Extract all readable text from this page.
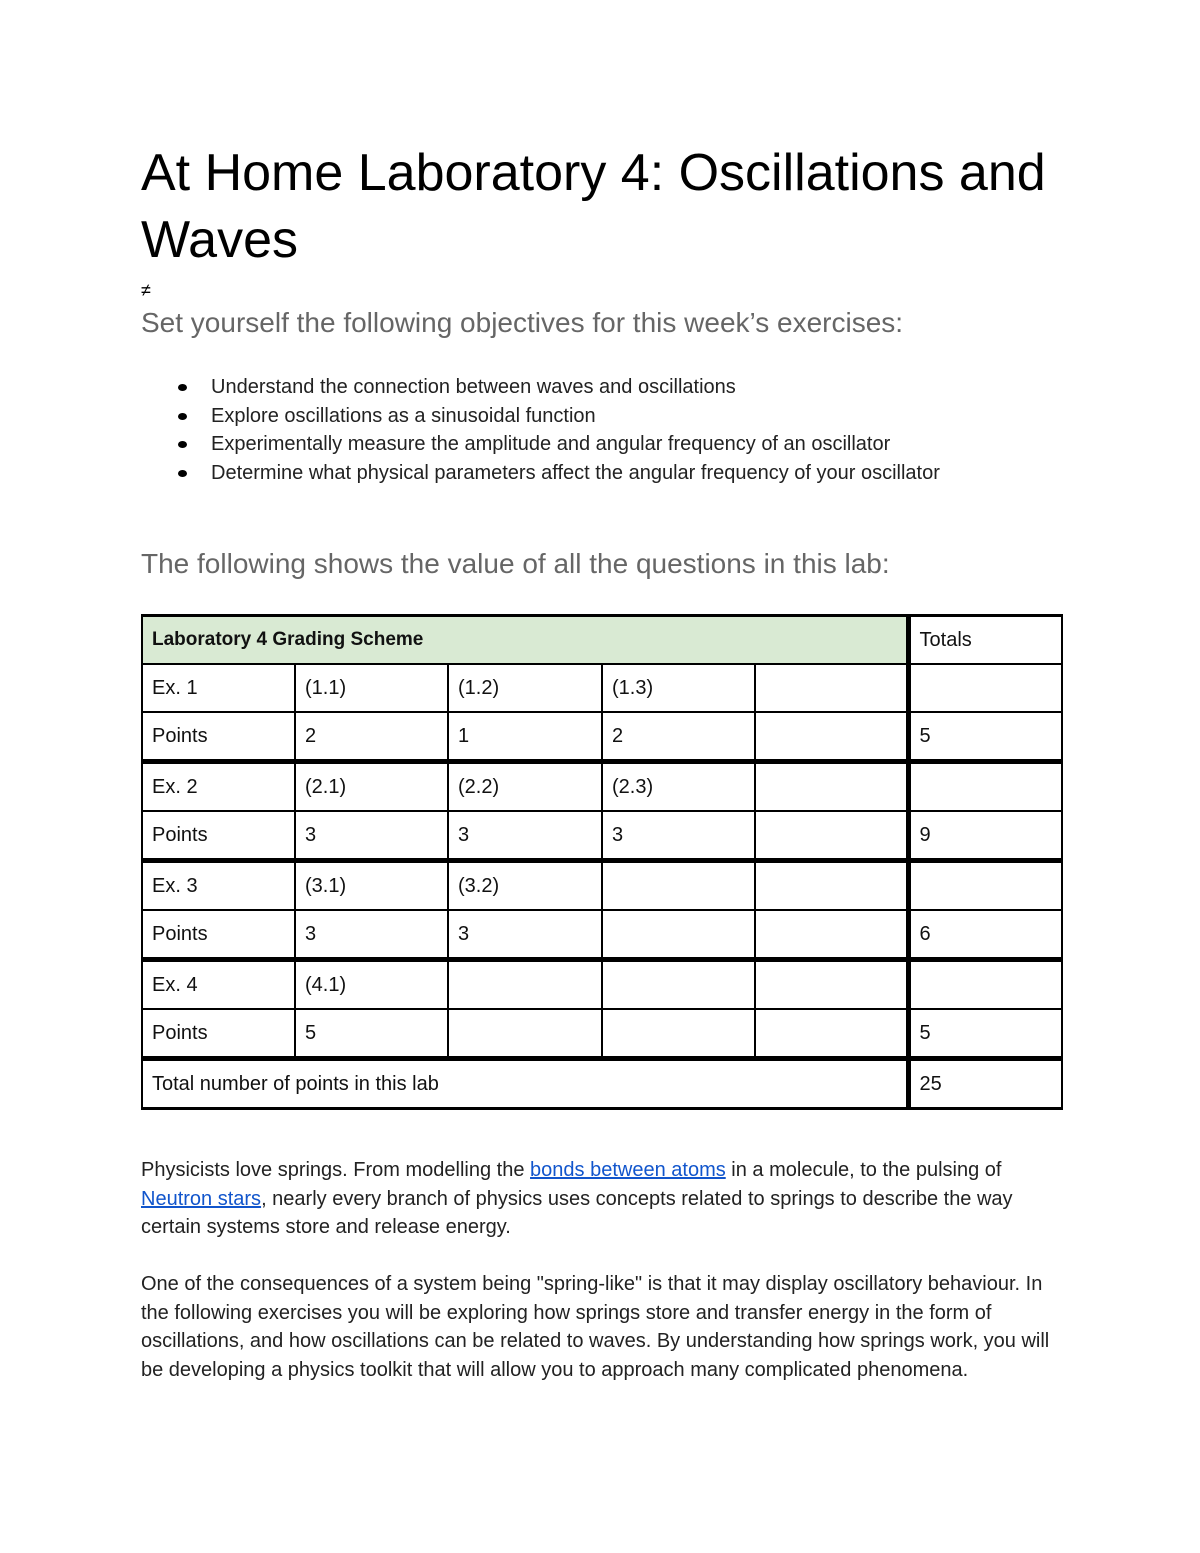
At Home Laboratory 4: Oscillations and Waves
≠
Set yourself the following objectives for this week’s exercises:
Understand the connection between waves and oscillations
Explore oscillations as a sinusoidal function
Experimentally measure the amplitude and angular frequency of an oscillator
Determine what physical parameters affect the angular frequency of your oscillator
The following shows the value of all the questions in this lab:
Laboratory 4 Grading Scheme					Totals
Ex. 1	(1.1)	(1.2)	(1.3)		
Points	2	1	2		5
Ex. 2	(2.1)	(2.2)	(2.3)		
Points	3	3	3		9
Ex. 3	(3.1)	(3.2)			
Points	3	3			6
Ex. 4	(4.1)				
Points	5				5
Total number of points in this lab					25

Physicists love springs. From modelling the bonds between atoms in a molecule, to the pulsing of Neutron stars, nearly every branch of physics uses concepts related to springs to describe the way certain systems store and release energy.

One of the consequences of a system being "spring-like" is that it may display oscillatory behaviour. In the following exercises you will be exploring how springs store and transfer energy in the form of oscillations, and how oscillations can be related to waves. By understanding how springs work, you will be developing a physics toolkit that will allow you to approach many complicated phenomena.
